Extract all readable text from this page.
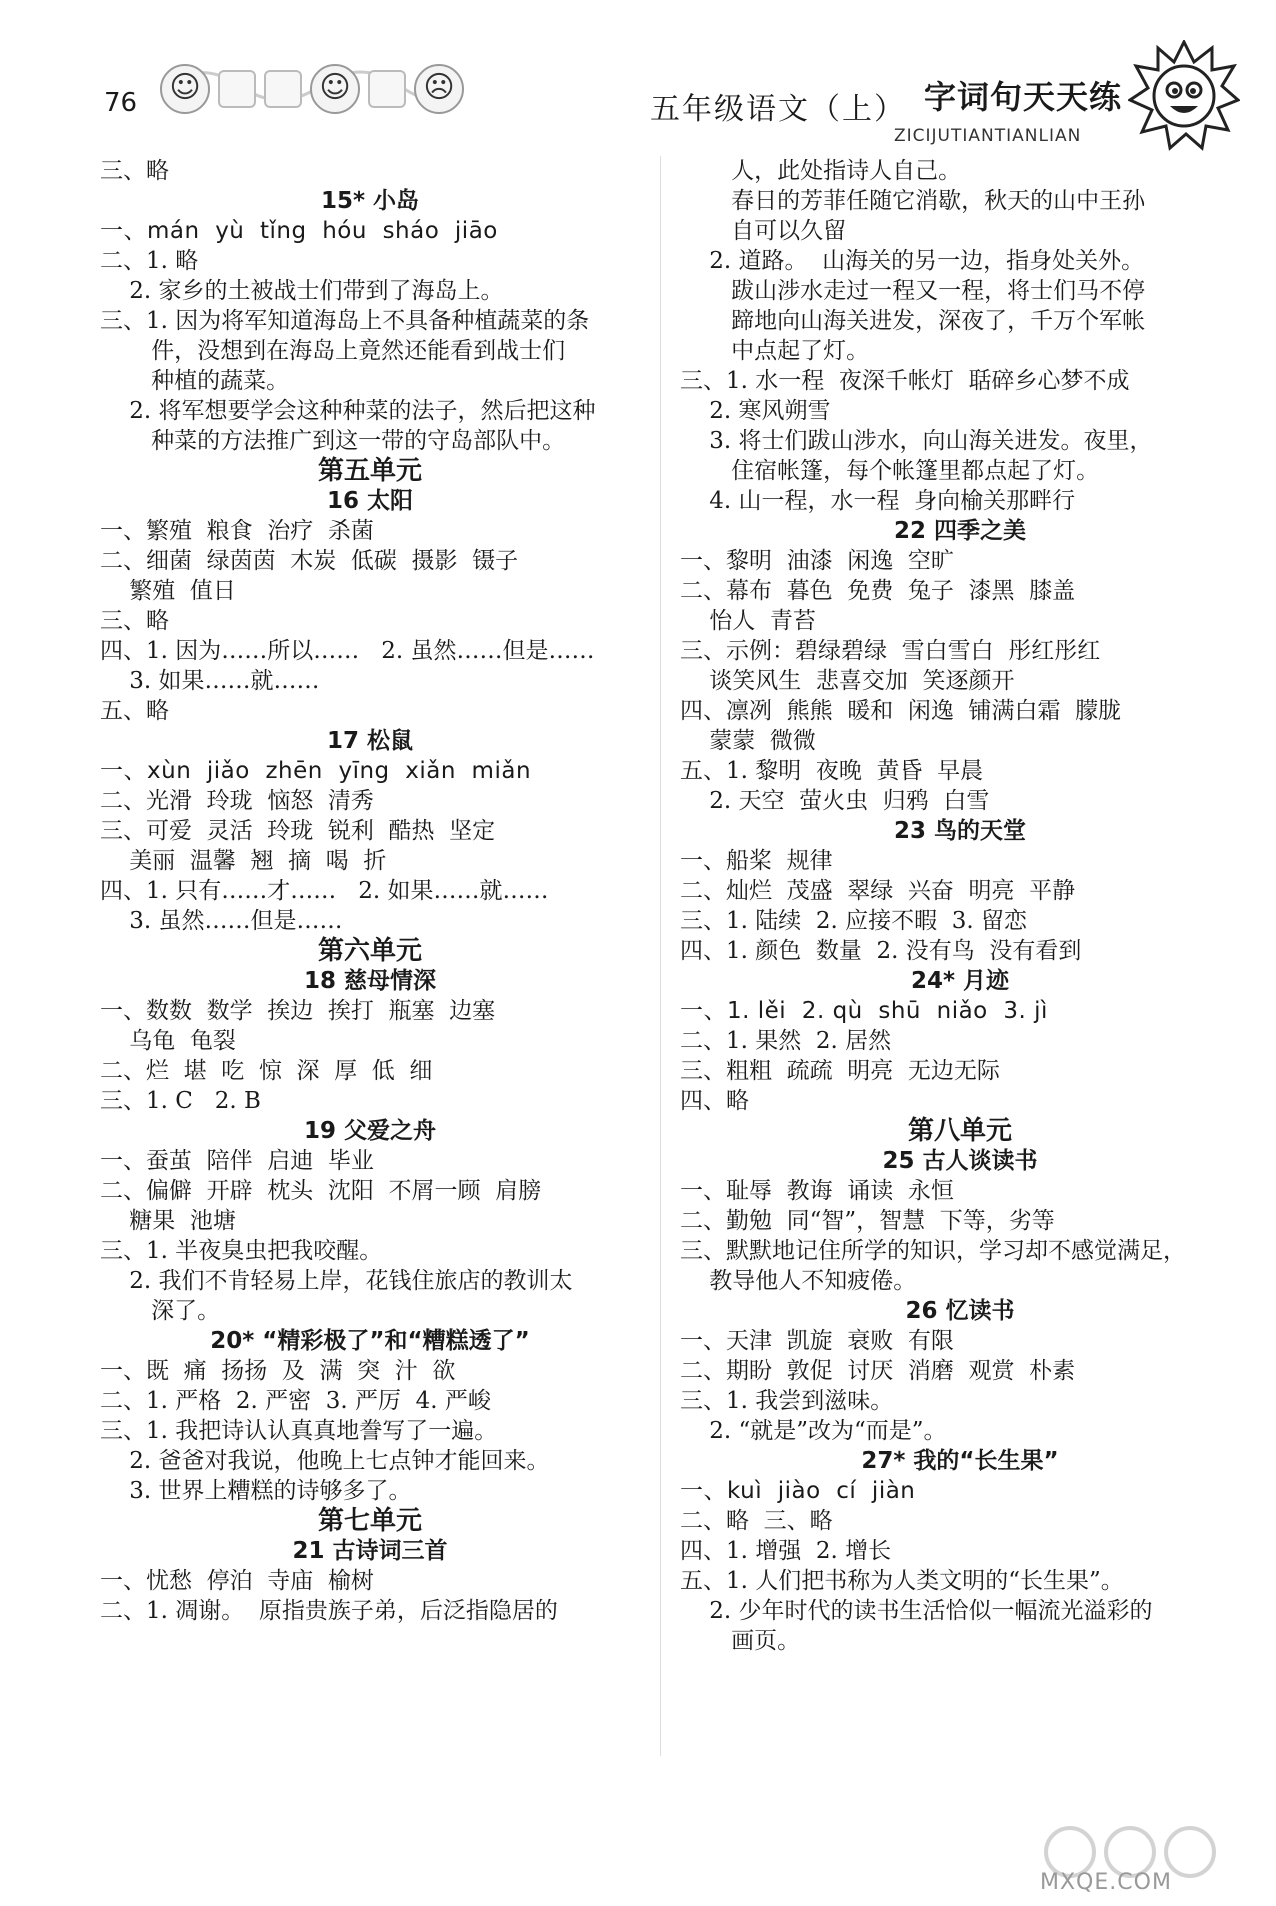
76	☺	☺	☹
五年级语文（上） 字词句天天练
ZICIJUTIANTIANLIAN
三、略
15* 小岛
一、mán  yù  tǐng  hóu  sháo  jiāo
二、1. 略
2. 家乡的土被战士们带到了海岛上。
三、1. 因为将军知道海岛上不具备种植蔬菜的条
件，没想到在海岛上竟然还能看到战士们
种植的蔬菜。
2. 将军想要学会这种种菜的法子，然后把这种
种菜的方法推广到这一带的守岛部队中。
第五单元
16 太阳
一、繁殖  粮食  治疗  杀菌
二、细菌  绿茵茵  木炭  低碳  摄影  镊子
繁殖  值日
三、略
四、1. 因为……所以……   2. 虽然……但是……
3. 如果……就……
五、略
17 松鼠
一、xùn  jiǎo  zhēn  yīng  xiǎn  miǎn
二、光滑  玲珑  恼怒  清秀
三、可爱  灵活  玲珑  锐利  酷热  坚定
美丽  温馨  翘  摘  喝  折
四、1. 只有……才……   2. 如果……就……
3. 虽然……但是……
第六单元
18 慈母情深
一、数数  数学  挨边  挨打  瓶塞  边塞
乌龟  龟裂
二、烂  堪  吃  惊  深  厚  低  细
三、1. C   2. B
19 父爱之舟
一、蚕茧  陪伴  启迪  毕业
二、偏僻  开辟  枕头  沈阳  不屑一顾  肩膀
糖果  池塘
三、1. 半夜臭虫把我咬醒。
2. 我们不肯轻易上岸，花钱住旅店的教训太
深了。
20* “精彩极了”和“糟糕透了”
一、既  痛  扬扬  及  满  突  汁  欲
二、1. 严格  2. 严密  3. 严厉  4. 严峻
三、1. 我把诗认认真真地誊写了一遍。
2. 爸爸对我说，他晚上七点钟才能回来。
3. 世界上糟糕的诗够多了。
第七单元
21 古诗词三首
一、忧愁  停泊  寺庙  榆树
二、1. 凋谢。  原指贵族子弟，后泛指隐居的
人，此处指诗人自己。
春日的芳菲任随它消歇，秋天的山中王孙
自可以久留
2. 道路。  山海关的另一边，指身处关外。
跋山涉水走过一程又一程，将士们马不停
蹄地向山海关进发，深夜了，千万个军帐
中点起了灯。
三、1. 水一程  夜深千帐灯  聒碎乡心梦不成
2. 寒风朔雪
3. 将士们跋山涉水，向山海关进发。夜里，
住宿帐篷，每个帐篷里都点起了灯。
4. 山一程，水一程  身向榆关那畔行
22 四季之美
一、黎明  油漆  闲逸  空旷
二、幕布  暮色  免费  兔子  漆黑  膝盖
怡人  青苔
三、示例：碧绿碧绿  雪白雪白  彤红彤红
谈笑风生  悲喜交加  笑逐颜开
四、凛冽  熊熊  暖和  闲逸  铺满白霜  朦胧
蒙蒙  微微
五、1. 黎明  夜晚  黄昏  早晨
2. 天空  萤火虫  归鸦  白雪
23 鸟的天堂
一、船桨  规律
二、灿烂  茂盛  翠绿  兴奋  明亮  平静
三、1. 陆续  2. 应接不暇  3. 留恋
四、1. 颜色  数量  2. 没有鸟  没有看到
24* 月迹
一、1. lěi  2. qù  shū  niǎo  3. jì
二、1. 果然  2. 居然
三、粗粗  疏疏  明亮  无边无际
四、略
第八单元
25 古人谈读书
一、耻辱  教诲  诵读  永恒
二、勤勉  同“智”，智慧  下等，劣等
三、默默地记住所学的知识，学习却不感觉满足，
教导他人不知疲倦。
26 忆读书
一、天津  凯旋  衰败  有限
二、期盼  敦促  讨厌  消磨  观赏  朴素
三、1. 我尝到滋味。
2. “就是”改为“而是”。
27* 我的“长生果”
一、kuì  jiào  cí  jiàn
二、略  三、略
四、1. 增强  2. 增长
五、1. 人们把书称为人类文明的“长生果”。
2. 少年时代的读书生活恰似一幅流光溢彩的
画页。
MXQE.COM
